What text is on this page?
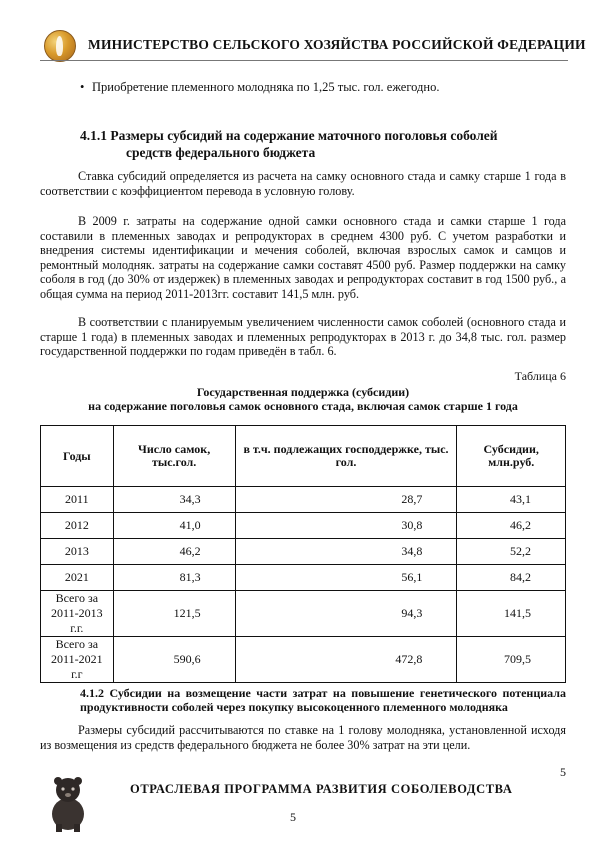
МИНИСТЕРСТВО СЕЛЬСКОГО ХОЗЯЙСТВА РОССИЙСКОЙ ФЕДЕРАЦИИ
• Приобретение племенного молодняка по 1,25 тыс. гол. ежегодно.
4.1.1 Размеры субсидий на содержание маточного поголовья соболей
средств федерального бюджета

Ставка субсидий определяется из расчета на самку основного стада и самку старше 1 года в соответствии с коэффициентом перевода в условную голову.

В 2009 г. затраты на содержание одной самки основного стада и самки старше 1 года составили в племенных заводах и репродукторах в среднем 4300 руб. С учетом разработки и внедрения системы идентификации и мечения соболей, включая взрослых самок и самцов и ремонтный молодняк. затраты на содержание самки составят 4500 руб. Размер поддержки на самку соболя в год (до 30% от издержек) в племенных заводах и репродукторах составит в год 1500 руб., а общая сумма на период 2011-2013гг. составит 141,5 млн. руб.

В соответствии с планируемым увеличением численности самок соболей (основного стада и старше 1 года) в племенных заводах и племенных репродукторах в 2013 г. до 34,8 тыс. гол. размер государственной поддержки по годам приведён в табл. 6.

Таблица 6
Государственная поддержка (субсидии)
на содержание поголовья самок основного стада, включая самок старше 1 года
Годы	Число самок, тыс.гол.	в т.ч. подлежащих господдержке, тыс. гол.	Субсидии, млн.руб.
2011	34,3	28,7	43,1
2012	41,0	30,8	46,2
2013	46,2	34,8	52,2
2021	81,3	56,1	84,2

Всего за
2011-2013 г.г.	121,5	94,3	141,5

Всего за
2011-2021 г.г	590,6	472,8	709,5
4.1.2 Субсидии на возмещение части затрат на повышение генетического потенциала продуктивности соболей через покупку высокоценного племенного молодняка

Размеры субсидий рассчитываются по ставке на 1 голову молодняка, установленной исходя из возмещения из средств федерального бюджета не более 30% затрат на эти цели.

5
ОТРАСЛЕВАЯ ПРОГРАММА РАЗВИТИЯ СОБОЛЕВОДСТВА
5
